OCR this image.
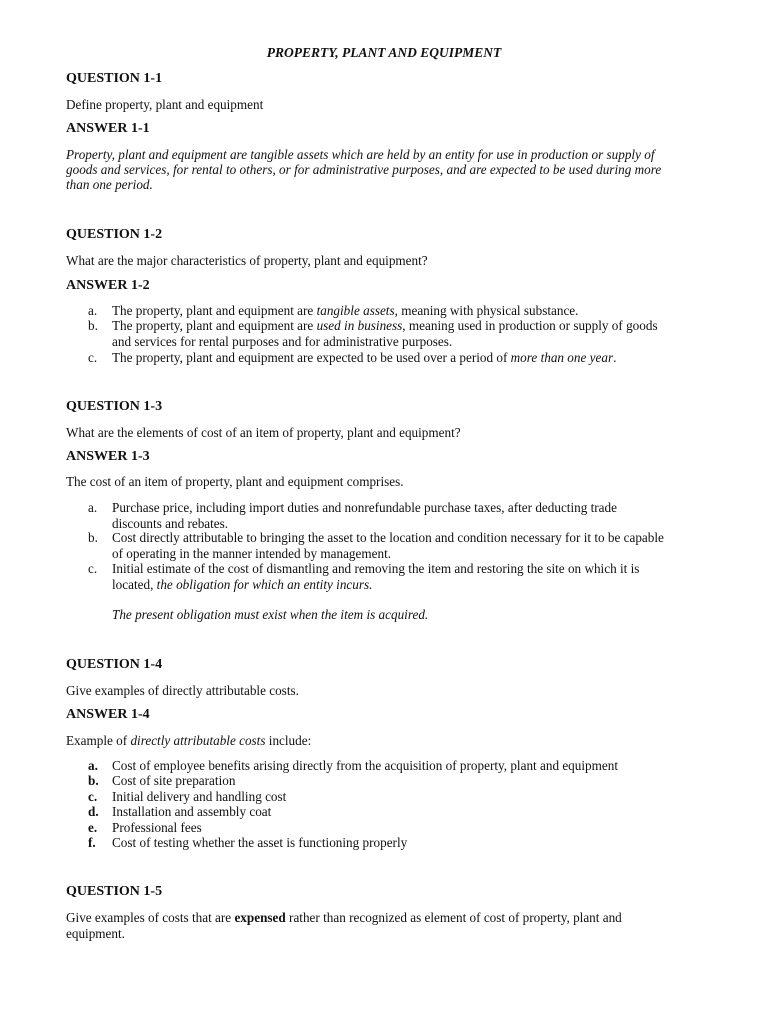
PROPERTY, PLANT AND EQUIPMENT
QUESTION 1-1
Define property, plant and equipment
ANSWER 1-1
Property, plant and equipment are tangible assets which are held by an entity for use in production or supply of
goods and services, for rental to others, or for administrative purposes, and are expected to be used during more
than one period.
QUESTION 1-2
What are the major characteristics of property, plant and equipment?
ANSWER 1-2
a.	The property, plant and equipment are tangible assets, meaning with physical substance.
b.	The property, plant and equipment are used in business, meaning used in production or supply of goods
and services for rental purposes and for administrative purposes.
c.	The property, plant and equipment are expected to be used over a period of more than one year.
QUESTION 1-3
What are the elements of cost of an item of property, plant and equipment?
ANSWER 1-3
The cost of an item of property, plant and equipment comprises.
a.	Purchase price, including import duties and nonrefundable purchase taxes, after deducting trade
discounts and rebates.
b.	Cost directly attributable to bringing the asset to the location and condition necessary for it to be capable
of operating in the manner intended by management.
c.	Initial estimate of the cost of dismantling and removing the item and restoring the site on which it is
located, the obligation for which an entity incurs.
The present obligation must exist when the item is acquired.
QUESTION 1-4
Give examples of directly attributable costs.
ANSWER 1-4
Example of directly attributable costs include:
a.	Cost of employee benefits arising directly from the acquisition of property, plant and equipment
b.	Cost of site preparation
c.	Initial delivery and handling cost
d.	Installation and assembly coat
e.	Professional fees
f.	Cost of testing whether the asset is functioning properly
QUESTION 1-5
Give examples of costs that are expensed rather than recognized as element of cost of property, plant and
equipment.
